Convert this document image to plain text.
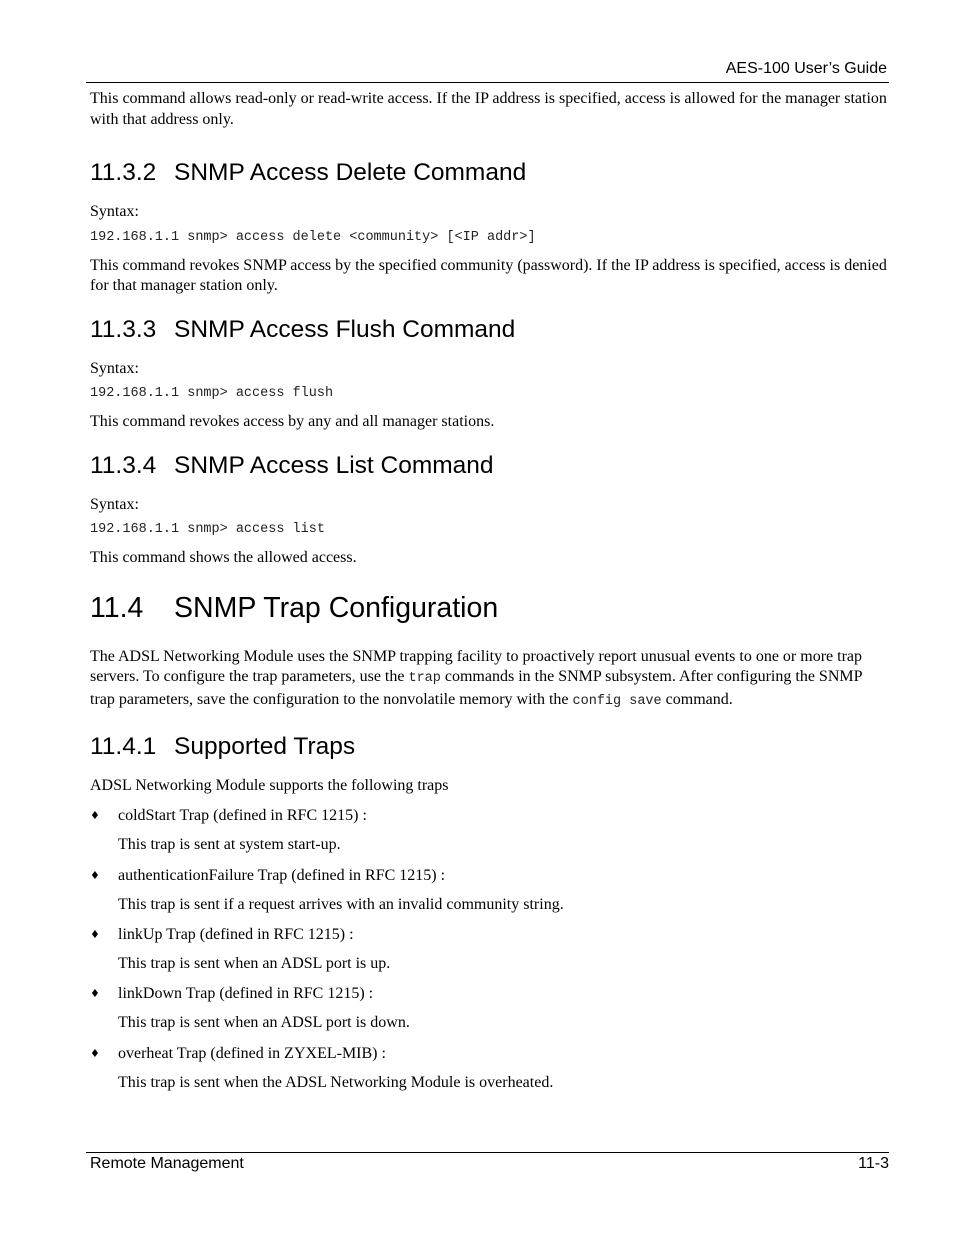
AES-100 User’s Guide

This command allows read-only or read-write access. If the IP address is specified, access is allowed for the manager station with that address only.

11.3.2 SNMP Access Delete Command

Syntax:

192.168.1.1 snmp> access delete <community> [<IP addr>]

This command revokes SNMP access by the specified community (password). If the IP address is specified, access is denied for that manager station only.

11.3.3 SNMP Access Flush Command

Syntax:

192.168.1.1 snmp> access flush

This command revokes access by any and all manager stations.

11.3.4 SNMP Access List Command

Syntax:

192.168.1.1 snmp> access list

This command shows the allowed access.

11.4 SNMP Trap Configuration

The ADSL Networking Module uses the SNMP trapping facility to proactively report unusual events to one or more trap servers. To configure the trap parameters, use the trap commands in the SNMP subsystem. After configuring the SNMP trap parameters, save the configuration to the nonvolatile memory with the config save command.

11.4.1 Supported Traps

ADSL Networking Module supports the following traps

♦ coldStart Trap (defined in RFC 1215) :

This trap is sent at system start-up.

♦ authenticationFailure Trap (defined in RFC 1215) :

This trap is sent if a request arrives with an invalid community string.

♦ linkUp Trap (defined in RFC 1215) :

This trap is sent when an ADSL port is up.

♦ linkDown Trap (defined in RFC 1215) :

This trap is sent when an ADSL port is down.

♦ overheat Trap (defined in ZYXEL-MIB) :

This trap is sent when the ADSL Networking Module is overheated.

Remote Management	11-3
